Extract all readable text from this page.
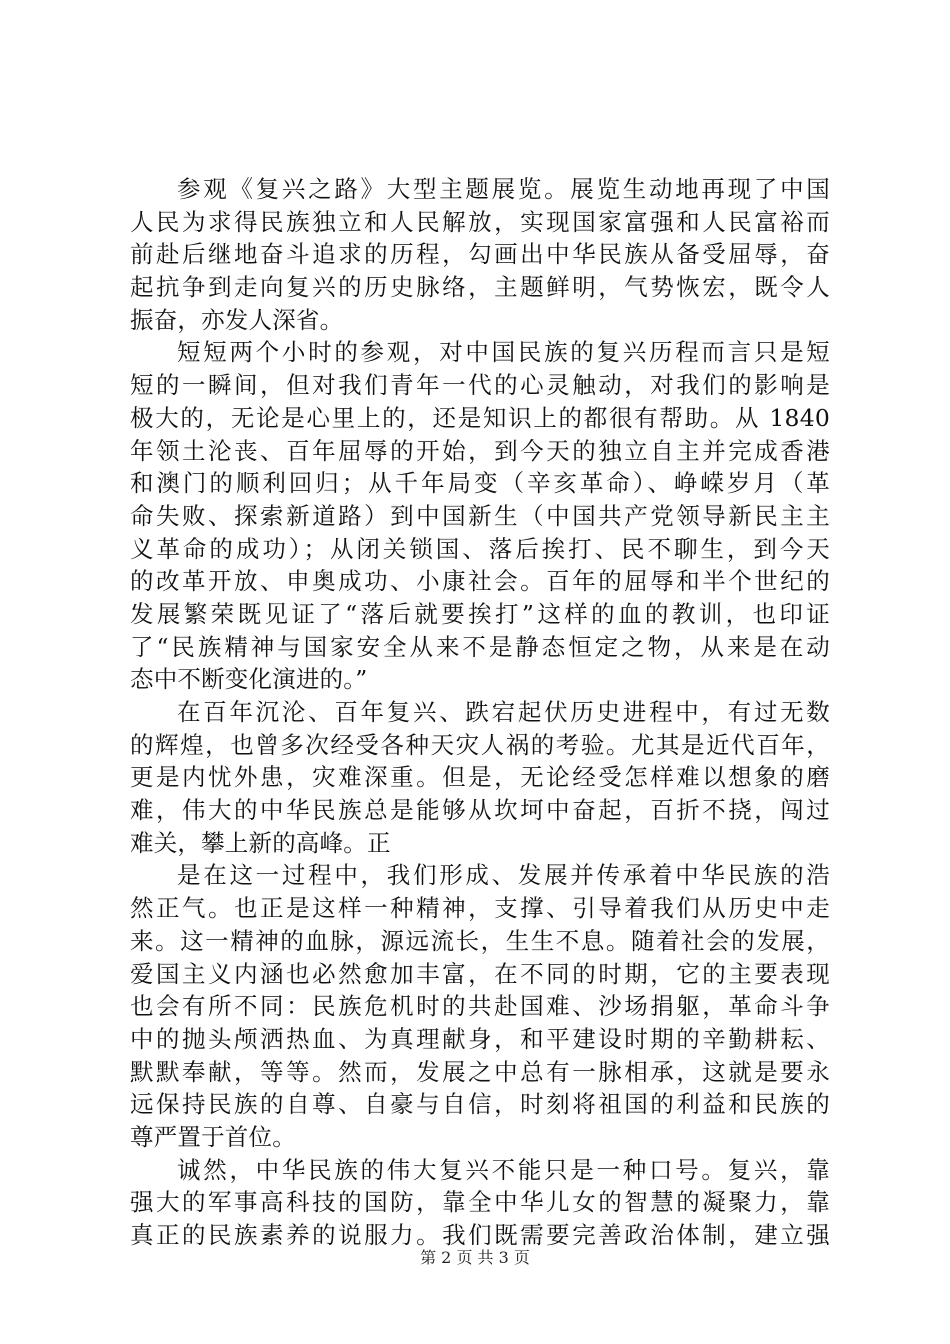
参观《复兴之路》大型主题展览。展览生动地再现了中国
人民为求得民族独立和人民解放，实现国家富强和人民富裕而
前赴后继地奋斗追求的历程，勾画出中华民族从备受屈辱，奋
起抗争到走向复兴的历史脉络，主题鲜明，气势恢宏，既令人
振奋，亦发人深省。
短短两个小时的参观，对中国民族的复兴历程而言只是短
短的一瞬间，但对我们青年一代的心灵触动，对我们的影响是
极大的，无论是心里上的，还是知识上的都很有帮助。从 1840
年领土沦丧、百年屈辱的开始，到今天的独立自主并完成香港
和澳门的顺利回归；从千年局变（辛亥革命）、峥嵘岁月（革
命失败、探索新道路）到中国新生（中国共产党领导新民主主
义革命的成功）；从闭关锁国、落后挨打、民不聊生，到今天
的改革开放、申奥成功、小康社会。百年的屈辱和半个世纪的
发展繁荣既见证了“落后就要挨打”这样的血的教训，也印证
了“民族精神与国家安全从来不是静态恒定之物，从来是在动
态中不断变化演进的。”
在百年沉沦、百年复兴、跌宕起伏历史进程中，有过无数
的辉煌，也曾多次经受各种天灾人祸的考验。尤其是近代百年，
更是内忧外患，灾难深重。但是，无论经受怎样难以想象的磨
难，伟大的中华民族总是能够从坎坷中奋起，百折不挠，闯过
难关，攀上新的高峰。正
是在这一过程中，我们形成、发展并传承着中华民族的浩
然正气。也正是这样一种精神，支撑、引导着我们从历史中走
来。这一精神的血脉，源远流长，生生不息。随着社会的发展，
爱国主义内涵也必然愈加丰富，在不同的时期，它的主要表现
也会有所不同：民族危机时的共赴国难、沙场捐躯，革命斗争
中的抛头颅洒热血、为真理献身，和平建设时期的辛勤耕耘、
默默奉献，等等。然而，发展之中总有一脉相承，这就是要永
远保持民族的自尊、自豪与自信，时刻将祖国的利益和民族的
尊严置于首位。
诚然，中华民族的伟大复兴不能只是一种口号。复兴，靠
强大的军事高科技的国防，靠全中华儿女的智慧的凝聚力，靠
真正的民族素养的说服力。我们既需要完善政治体制，建立强
第 2 页 共 3 页
